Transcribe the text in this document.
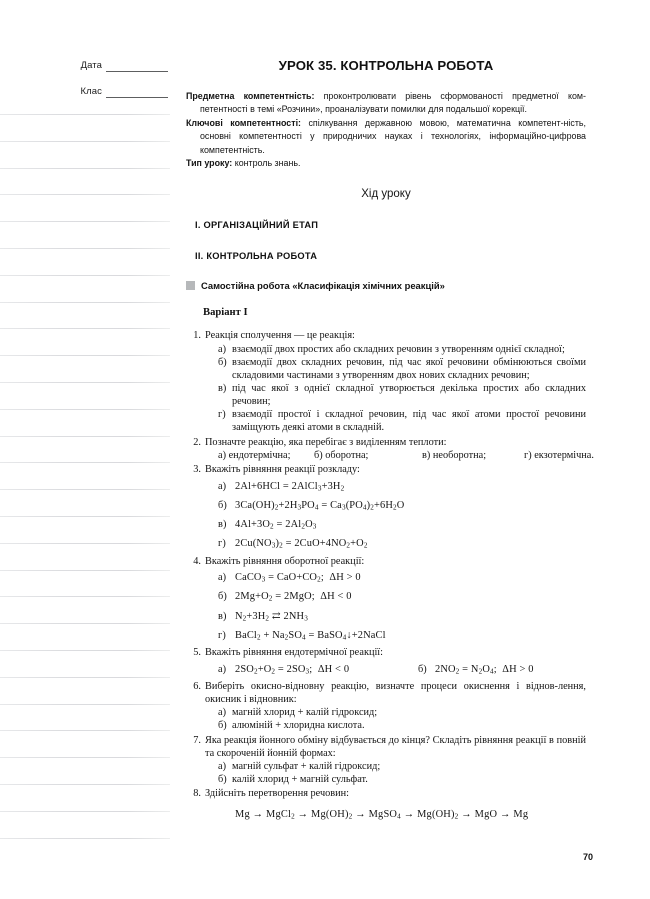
Дата
Клас
УРОК 35. КОНТРОЛЬНА РОБОТА

Предметна компетентність: проконтролювати рівень сформованості предметної ком-петентності в темі «Розчини», проаналізувати помилки для подальшої корекції.

Ключові компетентності: спілкування державною мовою, математична компетент-ність, основні компетентності у природничих науках і технологіях, інформаційно-цифрова компетентність.

Тип уроку: контроль знань.

Хід уроку
I. ОРГАНІЗАЦІЙНИЙ ЕТАП
II. КОНТРОЛЬНА РОБОТА
Самостійна робота «Класифікація хімічних реакцій»
Варіант I
1. Реакція сполучення — це реакція:
а) взаємодії двох простих або складних речовин з утворенням однієї складної;
б) взаємодії двох складних речовин, під час якої речовини обмінюються своїми складовими частинами з утворенням двох нових складних речовин;
в) під час якої з однієї складної утворюється декілька простих або складних речовин;
г) взаємодії простої і складної речовин, під час якої атоми простої речовини заміщують деякі атоми в складній.
2. Позначте реакцію, яка перебігає з виділенням теплоти:
а) ендотермічна;	б) оборотна;	в) необоротна;	г) екзотермічна.
3. Вкажіть рівняння реакції розкладу:
а) $2Al+6HCl = 2AlCl_3+3H_2$
б) $3Ca(OH)_2+2H_3PO_4 = Ca_3(PO_4)_2+6H_2O$
в) $4Al+3O_2 = 2Al_2O_3$
г) $2Cu(NO_3)_2 = 2CuO+4NO_2+O_2$
4. Вкажіть рівняння оборотної реакції:
а) CaCO$_3$ = $CaO+CO_2$;  ΔH > 0
б) $2Mg+O_2 = 2MgO$;  ΔH < 0
в) $N_2+3H_2$ ⇄ $2NH_3$
г) BaCl$_2$ + $Na_2SO_4$ = BaSO$_4$↓+2NaCl
5. Вкажіть рівняння ендотермічної реакції:
а) $2SO_2+O_2 = 2SO_3$;  ΔH < 0	б) $2NO_2 = N_2O_4$;  ΔH > 0
6. Виберіть окисно-відновну реакцію, визначте процеси окиснення і віднов-лення, окисник і відновник:
а) магній хлорид + калій гідроксид;
б) алюміній + хлоридна кислота.
7. Яка реакція йонного обміну відбувається до кінця? Складіть рівняння реакції в повній та скороченій йонній формах:
а) магній сульфат + калій гідроксид;
б) калій хлорид + магній сульфат.
8. Здійсніть перетворення речовин:
Mg → MgCl$_2$ → $Mg(OH)_2$ → MgSO$_4$ → $Mg(OH)_2$ → MgO → Mg
70
